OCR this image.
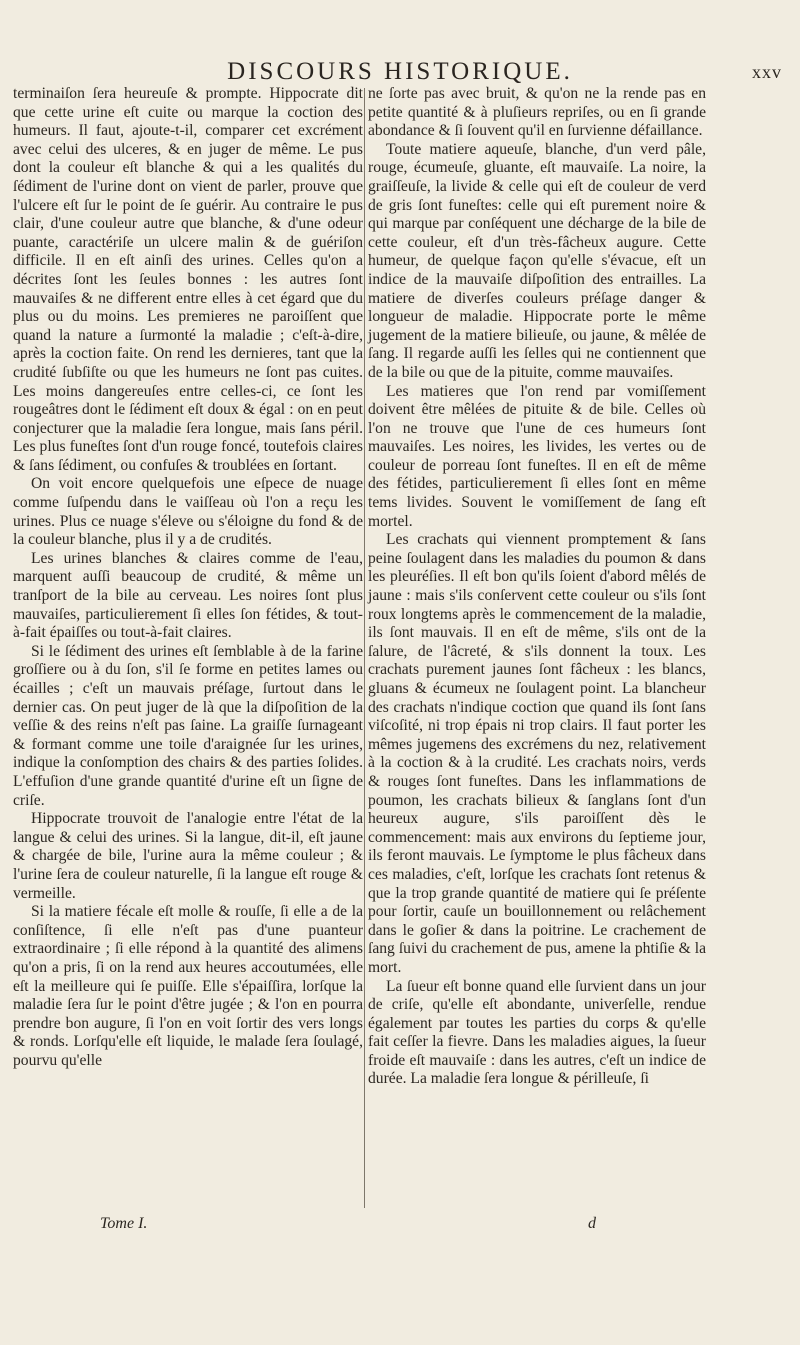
DISCOURS HISTORIQUE.	xxv

terminaiſon ſera heureuſe & prompte. Hippocrate dit que cette urine eſt cuite ou marque la coction des humeurs. Il faut, ajoute-t-il, comparer cet excrément avec celui des ulceres, & en juger de même. Le pus dont la couleur eſt blanche & qui a les qualités du ſédiment de l'urine dont on vient de parler, prouve que l'ulcere eſt ſur le point de ſe guérir. Au contraire le pus clair, d'une couleur autre que blanche, & d'une odeur puante, caractériſe un ulcere malin & de guériſon difficile. Il en eſt ainſi des urines. Celles qu'on a décrites ſont les ſeules bonnes : les autres ſont mauvaiſes & ne different entre elles à cet égard que du plus ou du moins. Les premieres ne paroiſſent que quand la nature a ſurmonté la maladie ; c'eſt-à-dire, après la coction faite. On rend les dernieres, tant que la crudité ſubſiſte ou que les humeurs ne ſont pas cuites. Les moins dangereuſes entre celles-ci, ce ſont les rougeâtres dont le ſédiment eſt doux & égal : on en peut conjecturer que la maladie ſera longue, mais ſans péril. Les plus funeſtes ſont d'un rouge foncé, toutefois claires & ſans ſédiment, ou confuſes & troublées en ſortant.

On voit encore quelquefois une eſpece de nuage comme ſuſpendu dans le vaiſſeau où l'on a reçu les urines. Plus ce nuage s'éleve ou s'éloigne du fond & de la couleur blanche, plus il y a de crudités.

Les urines blanches & claires comme de l'eau, marquent auſſi beaucoup de crudité, & même un tranſport de la bile au cerveau. Les noires ſont plus mauvaiſes, particulierement ſi elles ſon fétides, & tout-à-fait épaiſſes ou tout-à-fait claires.

Si le ſédiment des urines eſt ſemblable à de la farine groſſiere ou à du ſon, s'il ſe forme en petites lames ou écailles ; c'eſt un mauvais préſage, ſurtout dans le dernier cas. On peut juger de là que la diſpoſition de la veſſie & des reins n'eſt pas ſaine. La graiſſe ſurnageant & formant comme une toile d'araignée ſur les urines, indique la conſomption des chairs & des parties ſolides. L'effuſion d'une grande quantité d'urine eſt un ſigne de criſe.

Hippocrate trouvoit de l'analogie entre l'état de la langue & celui des urines. Si la langue, dit-il, eſt jaune & chargée de bile, l'urine aura la même couleur ; & l'urine ſera de couleur naturelle, ſi la langue eſt rouge & vermeille.

Si la matiere fécale eſt molle & rouſſe, ſi elle a de la conſiſtence, ſi elle n'eſt pas d'une puanteur extraordinaire ; ſi elle répond à la quantité des alimens qu'on a pris, ſi on la rend aux heures accoutumées, elle eſt la meilleure qui ſe puiſſe. Elle s'épaiſſira, lorſque la maladie ſera ſur le point d'être jugée ; & l'on en pourra prendre bon augure, ſi l'on en voit ſortir des vers longs & ronds. Lorſqu'elle eſt liquide, le malade ſera ſoulagé, pourvu qu'elle

ne ſorte pas avec bruit, & qu'on ne la rende pas en petite quantité & à pluſieurs repriſes, ou en ſi grande abondance & ſi ſouvent qu'il en ſurvienne défaillance.

Toute matiere aqueuſe, blanche, d'un verd pâle, rouge, écumeuſe, gluante, eſt mauvaiſe. La noire, la graiſſeuſe, la livide & celle qui eſt de couleur de verd de gris ſont funeſtes: celle qui eſt purement noire & qui marque par conſéquent une décharge de la bile de cette couleur, eſt d'un très-fâcheux augure. Cette humeur, de quelque façon qu'elle s'évacue, eſt un indice de la mauvaiſe diſpoſition des entrailles. La matiere de diverſes couleurs préſage danger & longueur de maladie. Hippocrate porte le même jugement de la matiere bilieuſe, ou jaune, & mêlée de ſang. Il regarde auſſi les ſelles qui ne contiennent que de la bile ou que de la pituite, comme mauvaiſes.

Les matieres que l'on rend par vomiſſement doivent être mêlées de pituite & de bile. Celles où l'on ne trouve que l'une de ces humeurs ſont mauvaiſes. Les noires, les livides, les vertes ou de couleur de porreau ſont funeſtes. Il en eſt de même des fétides, particulierement ſi elles ſont en même tems livides. Souvent le vomiſſement de ſang eſt mortel.

Les crachats qui viennent promptement & ſans peine ſoulagent dans les maladies du poumon & dans les pleuréſies. Il eſt bon qu'ils ſoient d'abord mêlés de jaune : mais s'ils conſervent cette couleur ou s'ils ſont roux longtems après le commencement de la maladie, ils ſont mauvais. Il en eſt de même, s'ils ont de la ſalure, de l'âcreté, & s'ils donnent la toux. Les crachats purement jaunes ſont fâcheux : les blancs, gluans & écumeux ne ſoulagent point. La blancheur des crachats n'indique coction que quand ils ſont ſans viſcoſité, ni trop épais ni trop clairs. Il faut porter les mêmes jugemens des excrémens du nez, relativement à la coction & à la crudité. Les crachats noirs, verds & rouges ſont funeſtes. Dans les inflammations de poumon, les crachats bilieux & ſanglans ſont d'un heureux augure, s'ils paroiſſent dès le commencement: mais aux environs du ſeptieme jour, ils feront mauvais. Le ſymptome le plus fâcheux dans ces maladies, c'eſt, lorſque les crachats ſont retenus & que la trop grande quantité de matiere qui ſe préſente pour ſortir, cauſe un bouillonnement ou relâchement dans le goſier & dans la poitrine. Le crachement de ſang ſuivi du crachement de pus, amene la phtiſie & la mort.

La ſueur eſt bonne quand elle ſurvient dans un jour de criſe, qu'elle eſt abondante, univerſelle, rendue également par toutes les parties du corps & qu'elle fait ceſſer la fievre. Dans les maladies aigues, la ſueur froide eſt mauvaiſe : dans les autres, c'eſt un indice de durée. La maladie ſera longue & périlleuſe, ſi

Tome I.	d
